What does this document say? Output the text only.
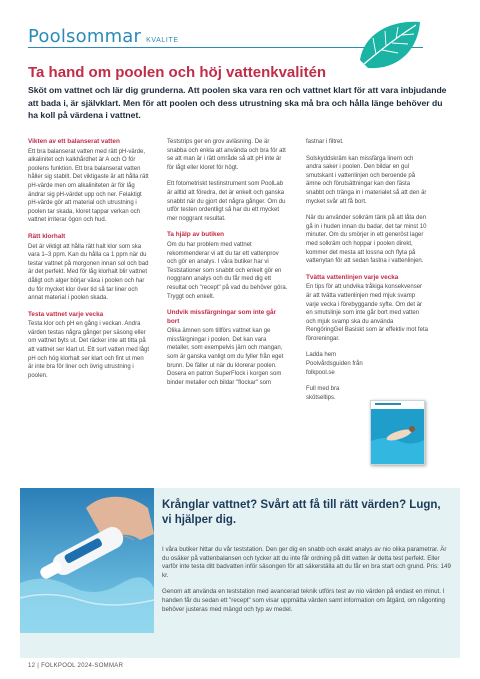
Poolsommar KVALITE
Ta hand om poolen och höj vattenkvalitén

Sköt om vattnet och lär dig grunderna. Att poolen ska vara ren och vattnet klart för att vara inbjudande att bada i, är självklart. Men för att poolen och dess utrustning ska må bra och hålla länge behöver du ha koll på värdena i vattnet.

Vikten av ett balanserat vatten

Ett bra balanserat vatten med rätt pH-värde, alkalinitet och kalkhårdhet är A och O för poolens funktion. Ett bra balanserat vatten håller sig stabilt. Det viktigaste är att hålla rätt pH-värde men om alkaliniteten är för låg ändrar sig pH-värdet upp och ner. Felaktigt pH-värde gör att material och utrustning i poolen tar skada, kloret tappar verkan och vattnet irriterar ögon och hud.

Rätt klorhalt

Det är viktigt att hålla rätt halt klor som ska vara 1–3 ppm. Kan du hålla ca 1 ppm när du testar vattnet på morgonen innan sol och bad är det perfekt. Med för låg klorhalt blir vattnet dåligt och alger börjar växa i poolen och har du för mycket klor över tid så tar liner och annat material i poolen skada.

Testa vattnet varje vecka

Testa klor och pH en gång i veckan. Andra värden testas några gånger per säsong eller om vattnet byts ut. Det räcker inte att titta på att vattnet ser klart ut. Ett surt vatten med lågt pH och hög klorhalt ser klart och fint ut men är inte bra för liner och övrig utrustning i poolen.

Teststrips ger en grov avläsning. De är snabba och enkla att använda och bra för att se att man är i rätt område så att pH inte är för lågt eller kloret för högt.

Ett fotometriskt testinstrument som PoolLab är alltid att föredra, det är enkelt och ganska snabbt när du gjort det några gånger. Om du utför testen ordentligt så har du ett mycket mer noggrant resultat.

Ta hjälp av butiken

Om du har problem med vattnet rekommenderar vi att du tar ett vattenprov och gör en analys. I våra butiker har vi Teststationer som snabbt och enkelt gör en noggrann analys och du får med dig ett resultat och "recept" på vad du behöver göra. Tryggt och enkelt.

Undvik missfärgningar som inte går bort

Olika ämnen som tillförs vattnet kan ge missfärgningar i poolen. Det kan vara metaller, som exempelvis järn och mangan, som är ganska vanligt om du fyller från eget brunn. De fäller ut när du klorerar poolen. Dosera en patron SuperFlock i korgen som binder metaller och bildar "flockar" som

fastnar i filtret.

Solskyddskräm kan missfärga linern och andra saker i poolen. Den bildar en gul smutskant i vattenlinjen och beroende på ämne och förutsättningar kan den fästa snabbt och tränga in i materialet så att den är mycket svår att få bort.

När du använder solkräm tänk på att låta den gå in i huden innan du badar, det tar minst 10 minuter. Om du smörjer in ett generöst lager med solkräm och hoppar i poolen direkt, kommer det mesta att lossna och flyta på vattenytan för att sedan fastna i vattenlinjen.

Tvätta vattenlinjen varje vecka

En tips för att undvika tråkiga konsekvenser är att tvätta vattenlinjen med mjuk svamp varje vecka i förebyggande syfte. Om det är en smutslinje som inte går bort med vatten och mjuk svamp ska du använda RengöringGel Basiskt som är effektiv mot feta föroreningar.

Ladda hem Poolvårdsguiden från folkpool.se

Full med bra skötseltips.

Krånglar vattnet? Svårt att få till rätt värden? Lugn, vi hjälper dig.

I våra butiker hittar du vår teststation. Den ger dig en snabb och exakt analys av nio olika parametrar. Är du osäker på vattenbalansen och tycker att du inte får ordning på ditt vatten är detta test perfekt. Eller varför inte testa ditt badvatten inför säsongen för att säkerställa att du får en bra start och grund. Pris: 149 kr.

Genom att använda en teststation med avancerad teknik utförs test av nio värden på endast en minut. I handen får du sedan ett "recept" som visar uppmätta värden samt information om åtgärd, om någonting behöver justeras med mängd och typ av medel.

12 | FOLKPOOL 2024-SOMMAR
